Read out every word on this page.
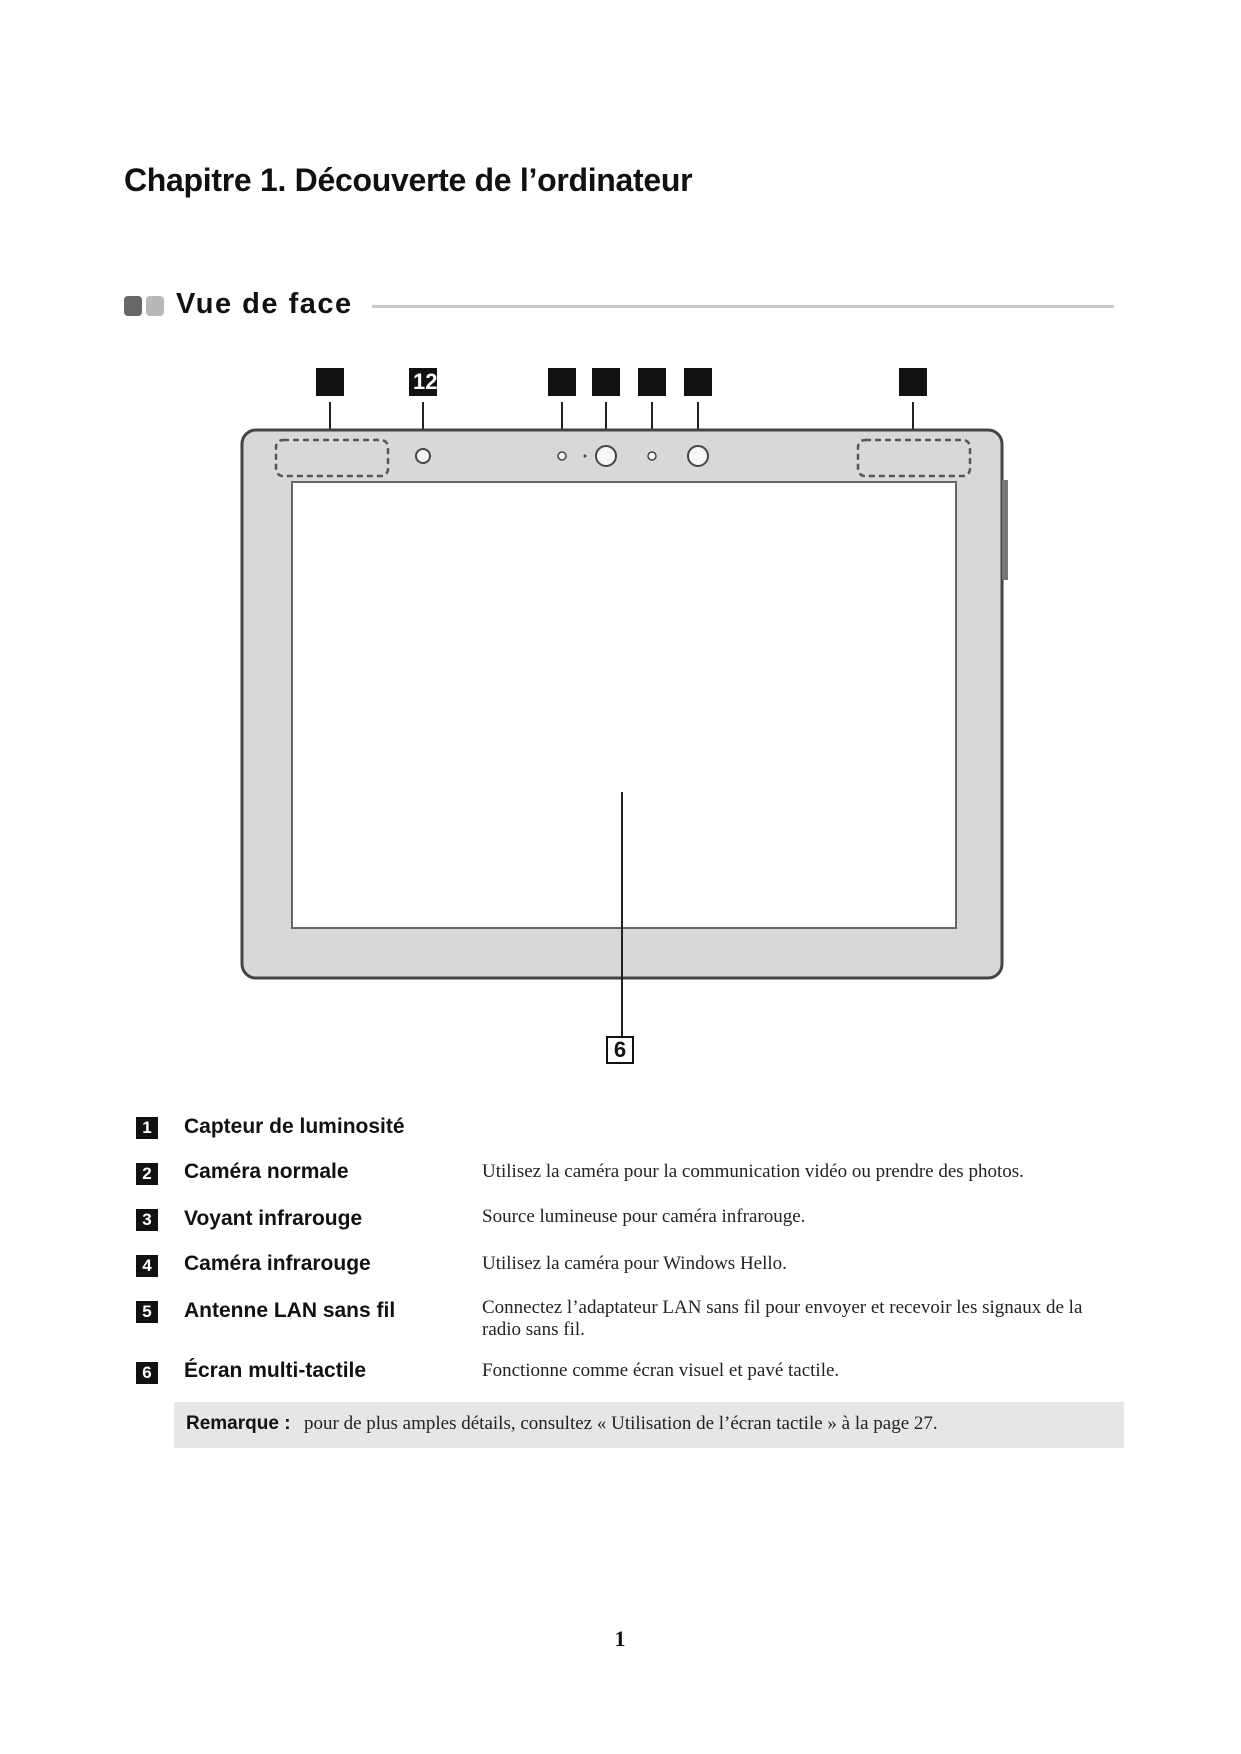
Chapitre 1. Découverte de l’ordinateur
Vue de face
12
6
1 Capteur de luminosité
2 Caméra normale	Utilisez la caméra pour la communication vidéo ou prendre des photos.
3 Voyant infrarouge	Source lumineuse pour caméra infrarouge.
4 Caméra infrarouge	Utilisez la caméra pour Windows Hello.
5 Antenne LAN sans fil	Connectez l’adaptateur LAN sans fil pour envoyer et recevoir les signaux de la radio sans fil.
6 Écran multi-tactile	Fonctionne comme écran visuel et pavé tactile.
Remarque : pour de plus amples détails, consultez « Utilisation de l’écran tactile » à la page 27.
1
